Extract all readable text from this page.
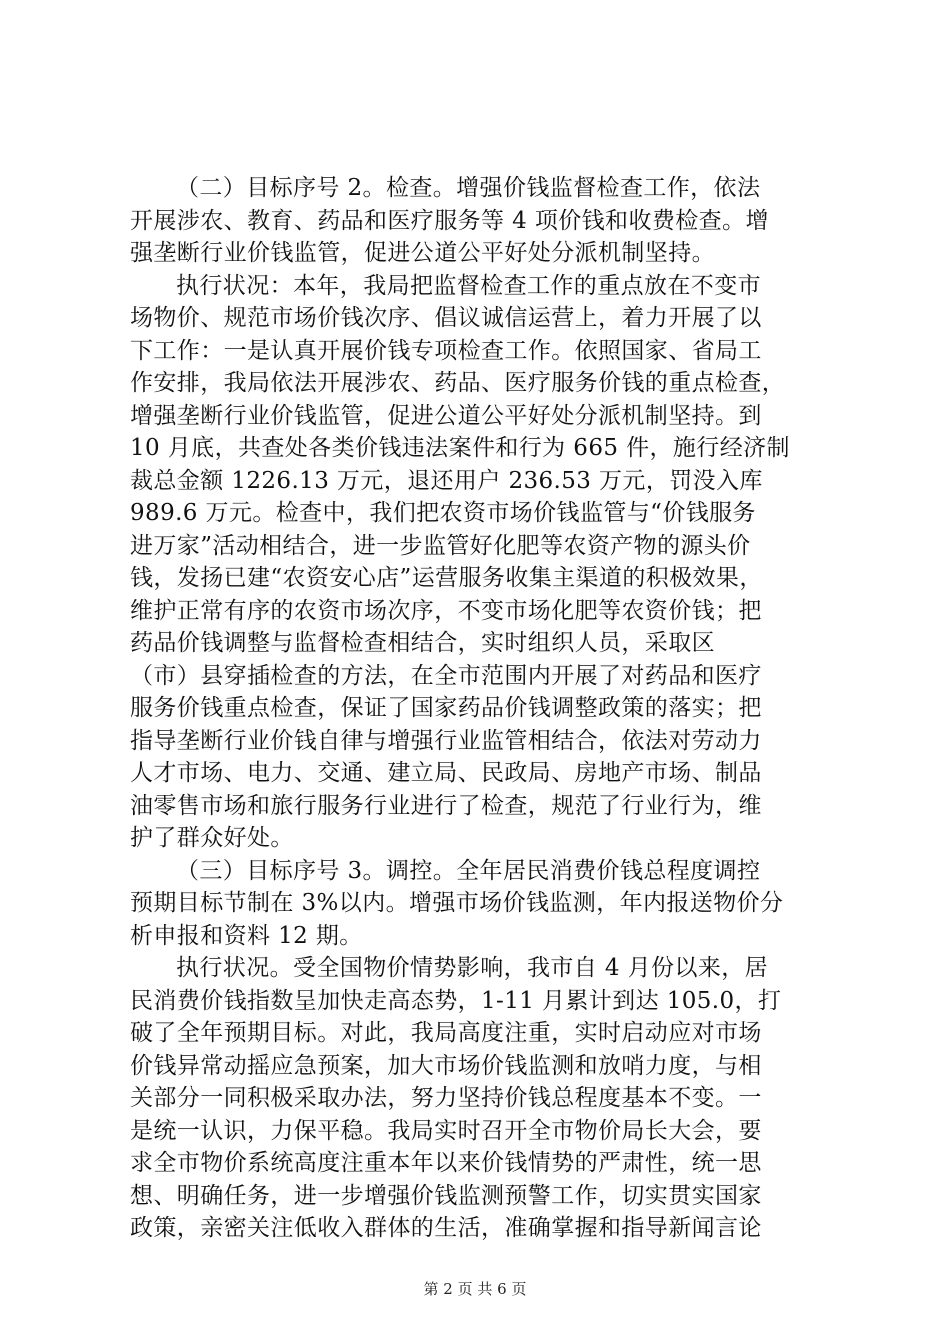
（二）目标序号 2。检查。增强价钱监督检查工作，依法
开展涉农、教育、药品和医疗服务等 4 项价钱和收费检查。增
强垄断行业价钱监管，促进公道公平好处分派机制坚持。
执行状况：本年，我局把监督检查工作的重点放在不变市
场物价、规范市场价钱次序、倡议诚信运营上，着力开展了以
下工作：一是认真开展价钱专项检查工作。依照国家、省局工
作安排，我局依法开展涉农、药品、医疗服务价钱的重点检查，
增强垄断行业价钱监管，促进公道公平好处分派机制坚持。到
10 月底，共查处各类价钱违法案件和行为 665 件，施行经济制
裁总金额 1226.13 万元，退还用户 236.53 万元，罚没入库
989.6 万元。检查中，我们把农资市场价钱监管与“价钱服务
进万家”活动相结合，进一步监管好化肥等农资产物的源头价
钱，发扬已建“农资安心店”运营服务收集主渠道的积极效果，
维护正常有序的农资市场次序，不变市场化肥等农资价钱；把
药品价钱调整与监督检查相结合，实时组织人员，采取区
（市）县穿插检查的方法，在全市范围内开展了对药品和医疗
服务价钱重点检查，保证了国家药品价钱调整政策的落实；把
指导垄断行业价钱自律与增强行业监管相结合，依法对劳动力
人才市场、电力、交通、建立局、民政局、房地产市场、制品
油零售市场和旅行服务行业进行了检查，规范了行业行为，维
护了群众好处。
（三）目标序号 3。调控。全年居民消费价钱总程度调控
预期目标节制在 3%以内。增强市场价钱监测，年内报送物价分
析申报和资料 12 期。
执行状况。受全国物价情势影响，我市自 4 月份以来，居
民消费价钱指数呈加快走高态势，1-11 月累计到达 105.0，打
破了全年预期目标。对此，我局高度注重，实时启动应对市场
价钱异常动摇应急预案，加大市场价钱监测和放哨力度，与相
关部分一同积极采取办法，努力坚持价钱总程度基本不变。一
是统一认识，力保平稳。我局实时召开全市物价局长大会，要
求全市物价系统高度注重本年以来价钱情势的严肃性，统一思
想、明确任务，进一步增强价钱监测预警工作，切实贯实国家
政策，亲密关注低收入群体的生活，准确掌握和指导新闻言论
第 2 页 共 6 页
